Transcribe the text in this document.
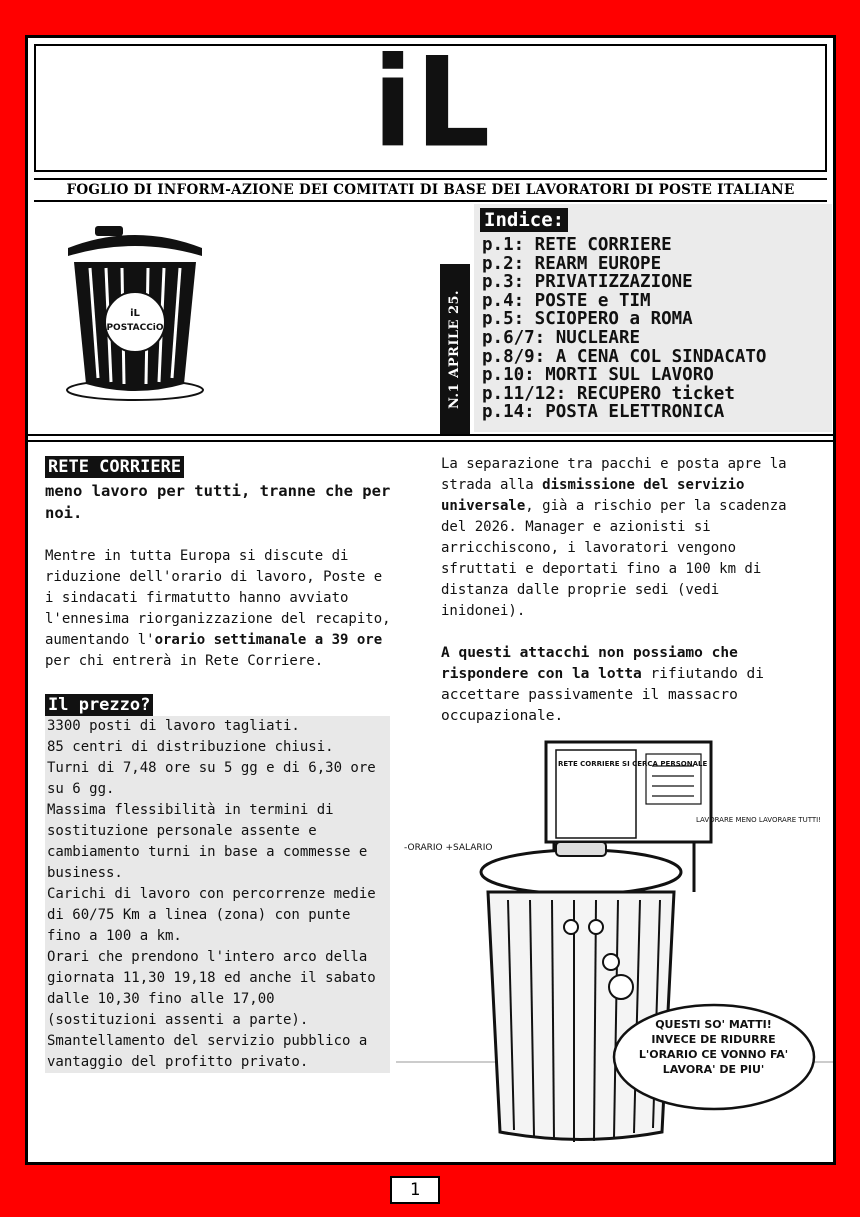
iL
FOGLIO DI INFORM-AZIONE DEI COMITATI DI BASE DEI LAVORATORI DI POSTE ITALIANE
iL
POSTACCiO	N.1 APRILE 25.
Indice:
p.1: RETE CORRIERE
p.2: REARM EUROPE
p.3: PRIVATIZZAZIONE
p.4: POSTE e TIM
p.5: SCIOPERO a ROMA
p.6/7: NUCLEARE
p.8/9: A CENA COL SINDACATO
p.10: MORTI SUL LAVORO
p.11/12: RECUPERO ticket
p.14: POSTA ELETTRONICA
RETE CORRIERE

meno lavoro per tutti, tranne che per noi.

Mentre in tutta Europa si discute di riduzione dell'orario di lavoro, Poste e i sindacati firmatutto hanno avviato l'ennesima riorganizzazione del recapito, aumentando l'orario settimanale a 39 ore per chi entrerà in Rete Corriere.

Il prezzo?

3300 posti di lavoro tagliati.

85 centri di distribuzione chiusi.

Turni di 7,48 ore su 5 gg e di 6,30 ore su 6 gg.

Massima flessibilità in termini di sostituzione personale assente e cambiamento turni in base a commesse e business.

Carichi di lavoro con percorrenze medie di 60/75 Km a linea (zona) con punte fino a 100 a km.

Orari che prendono l'intero arco della giornata 11,30 19,18 ed anche il sabato dalle 10,30 fino alle 17,00 (sostituzioni assenti a parte).

Smantellamento del servizio pubblico a vantaggio del profitto privato.

La separazione tra pacchi e posta apre la strada alla dismissione del servizio universale, già a rischio per la scadenza del 2026. Manager e azionisti si arricchiscono, i lavoratori vengono sfruttati e deportati fino a 100 km di distanza dalle proprie sedi (vedi inidonei).

A questi attacchi non possiamo che rispondere con la lotta rifiutando di accettare passivamente il massacro occupazionale.

RETE CORRIERE SI CERCA PERSONALE
-ORARIO +SALARIO
LAVORARE MENO LAVORARE TUTTI!
QUESTI SO' MATTI! INVECE DE RIDURRE L'ORARIO CE VONNO FA' LAVORA' DE PIU'
1
